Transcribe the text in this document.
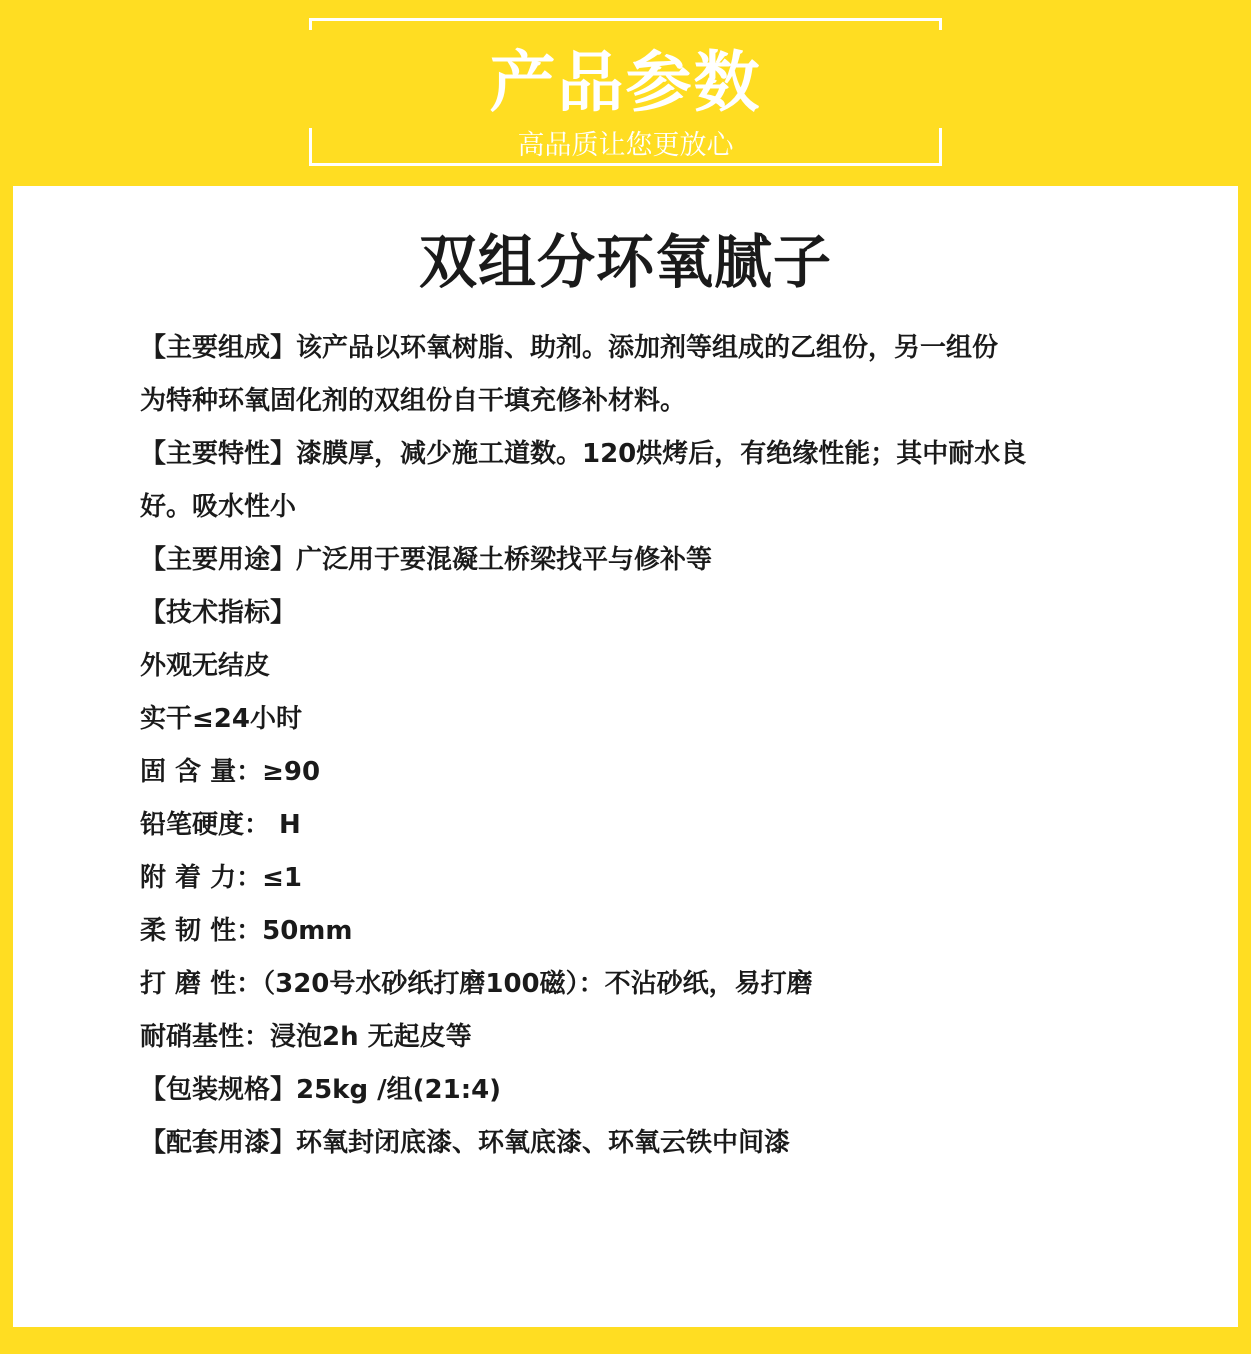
产品参数
高品质让您更放心
双组分环氧腻子
【主要组成】该产品以环氧树脂、助剂。添加剂等组成的乙组份，另一组份
为特种环氧固化剂的双组份自干填充修补材料。
【主要特性】漆膜厚，减少施工道数。120烘烤后，有绝缘性能；其中耐水良
好。吸水性小
【主要用途】广泛用于要混凝土桥梁找平与修补等
【技术指标】
外观无结皮
实干≤24小时
固 含 量：≥90
铅笔硬度： H
附 着 力：≤1
柔 韧 性：50mm
打 磨 性：（320号水砂纸打磨100磁）：不沾砂纸，易打磨
耐硝基性：浸泡2h 无起皮等
【包装规格】25kg /组(21:4)
【配套用漆】环氧封闭底漆、环氧底漆、环氧云铁中间漆
